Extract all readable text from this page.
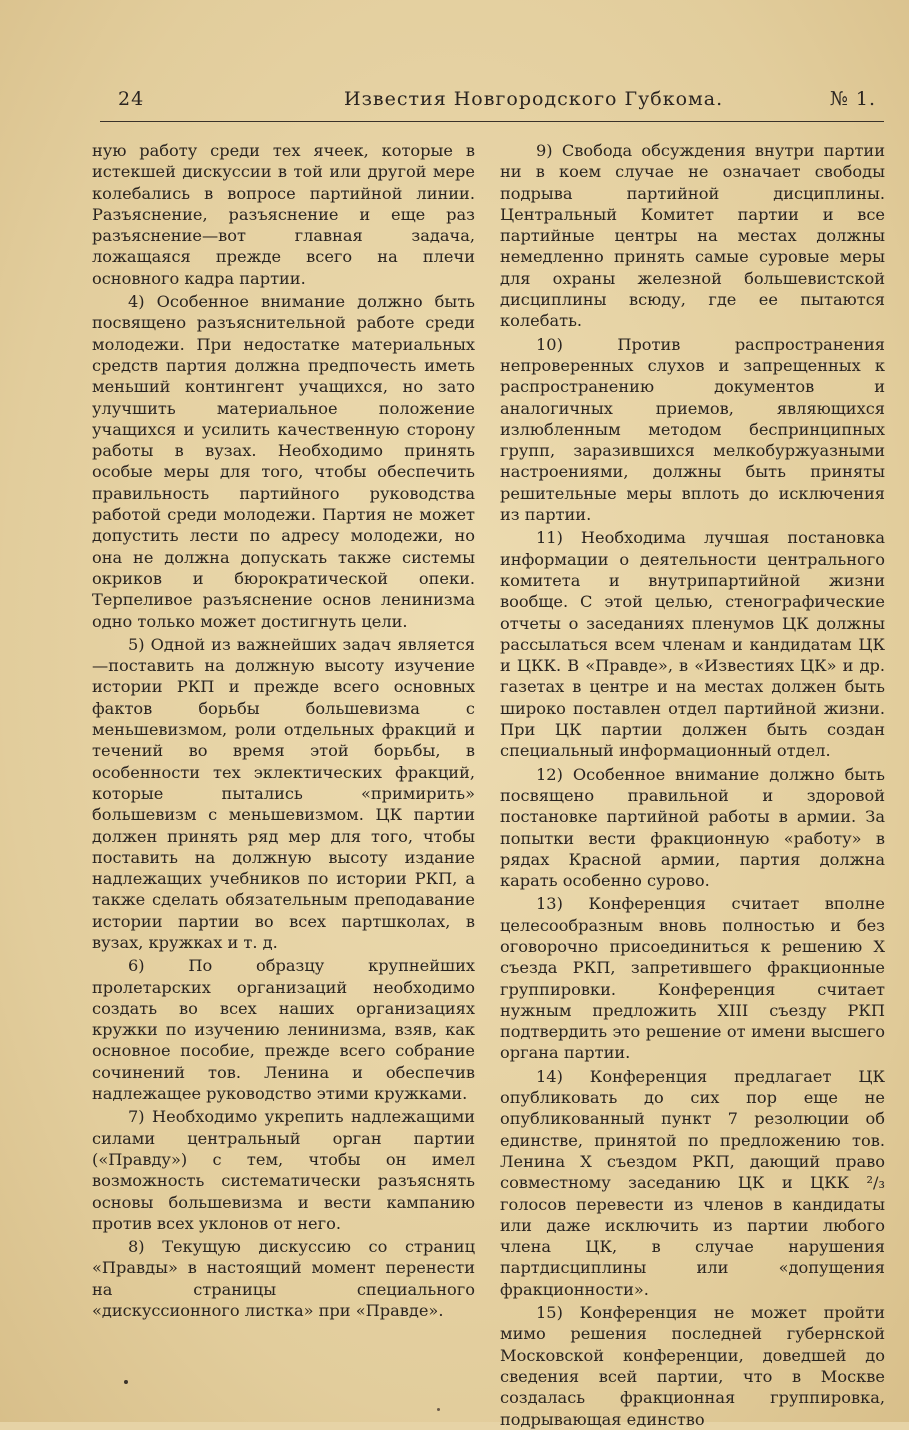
24	Известия Новгородского Губкома.	№ 1.

ную работу среди тех ячеек, которые в истекшей дискуссии в той или другой мере колебались в вопросе партийной линии. Разъяснение, разъяснение и еще раз разъяснение—вот главная задача, ложащаяся прежде всего на плечи основного кадра партии.

4) Особенное внимание должно быть посвящено разъяснительной работе среди молодежи. При недостатке материальных средств партия должна предпочесть иметь меньший контингент учащихся, но зато улучшить материальное положение учащихся и усилить качественную сторону работы в вузах. Необходимо принять особые меры для того, чтобы обеспечить правильность партийного руководства работой среди молодежи. Партия не может допустить лести по адресу молодежи, но она не должна допускать также системы окриков и бюрократической опеки. Терпеливое разъяснение основ ленинизма одно только может достигнуть цели.

5) Одной из важнейших задач является—поставить на должную высоту изучение истории РКП и прежде всего основных фактов борьбы большевизма с меньшевизмом, роли отдельных фракций и течений во время этой борьбы, в особенности тех эклектических фракций, которые пытались «примирить» большевизм с меньшевизмом. ЦК партии должен принять ряд мер для того, чтобы поставить на должную высоту издание надлежащих учебников по истории РКП, а также сделать обязательным преподавание истории партии во всех партшколах, в вузах, кружках и т. д.

6) По образцу крупнейших пролетарских организаций необходимо создать во всех наших организациях кружки по изучению ленинизма, взяв, как основное пособие, прежде всего собрание сочинений тов. Ленина и обеспечив надлежащее руководство этими кружками.

7) Необходимо укрепить надлежащими силами центральный орган партии («Правду») с тем, чтобы он имел возможность систематически разъяснять основы большевизма и вести кампанию против всех уклонов от него.

8) Текущую дискуссию со страниц «Правды» в настоящий момент перенести на страницы специального «дискуссионного листка» при «Правде».

9) Свобода обсуждения внутри партии ни в коем случае не означает свободы подрыва партийной дисциплины. Центральный Комитет партии и все партийные центры на местах должны немедленно принять самые суровые меры для охраны железной большевистской дисциплины всюду, где ее пытаются колебать.

10) Против распространения непроверенных слухов и запрещенных к распространению документов и аналогичных приемов, являющихся излюбленным методом беспринципных групп, заразившихся мелкобуржуазными настроениями, должны быть приняты решительные меры вплоть до исключения из партии.

11) Необходима лучшая постановка информации о деятельности центрального комитета и внутрипартийной жизни вообще. С этой целью, стенографические отчеты о заседаниях пленумов ЦК должны рассылаться всем членам и кандидатам ЦК и ЦКК. В «Правде», в «Известиях ЦК» и др. газетах в центре и на местах должен быть широко поставлен отдел партийной жизни. При ЦК партии должен быть создан специальный информационный отдел.

12) Особенное внимание должно быть посвящено правильной и здоровой постановке партийной работы в армии. За попытки вести фракционную «работу» в рядах Красной армии, партия должна карать особенно сурово.

13) Конференция считает вполне целесообразным вновь полностью и без оговорочно присоединиться к решению X съезда РКП, запретившего фракционные группировки. Конференция считает нужным предложить XIII съезду РКП подтвердить это решение от имени высшего органа партии.

14) Конференция предлагает ЦК опубликовать до сих пор еще не опубликованный пункт 7 резолюции об единстве, принятой по предложению тов. Ленина X съездом РКП, дающий право совместному заседанию ЦК и ЦКК ²/₃ голосов перевести из членов в кандидаты или даже исключить из партии любого члена ЦК, в случае нарушения партдисциплины или «допущения фракционности».

15) Конференция не может пройти мимо решения последней губернской Московской конференции, доведшей до сведения всей партии, что в Москве создалась фракционная группировка, подрывающая единство
